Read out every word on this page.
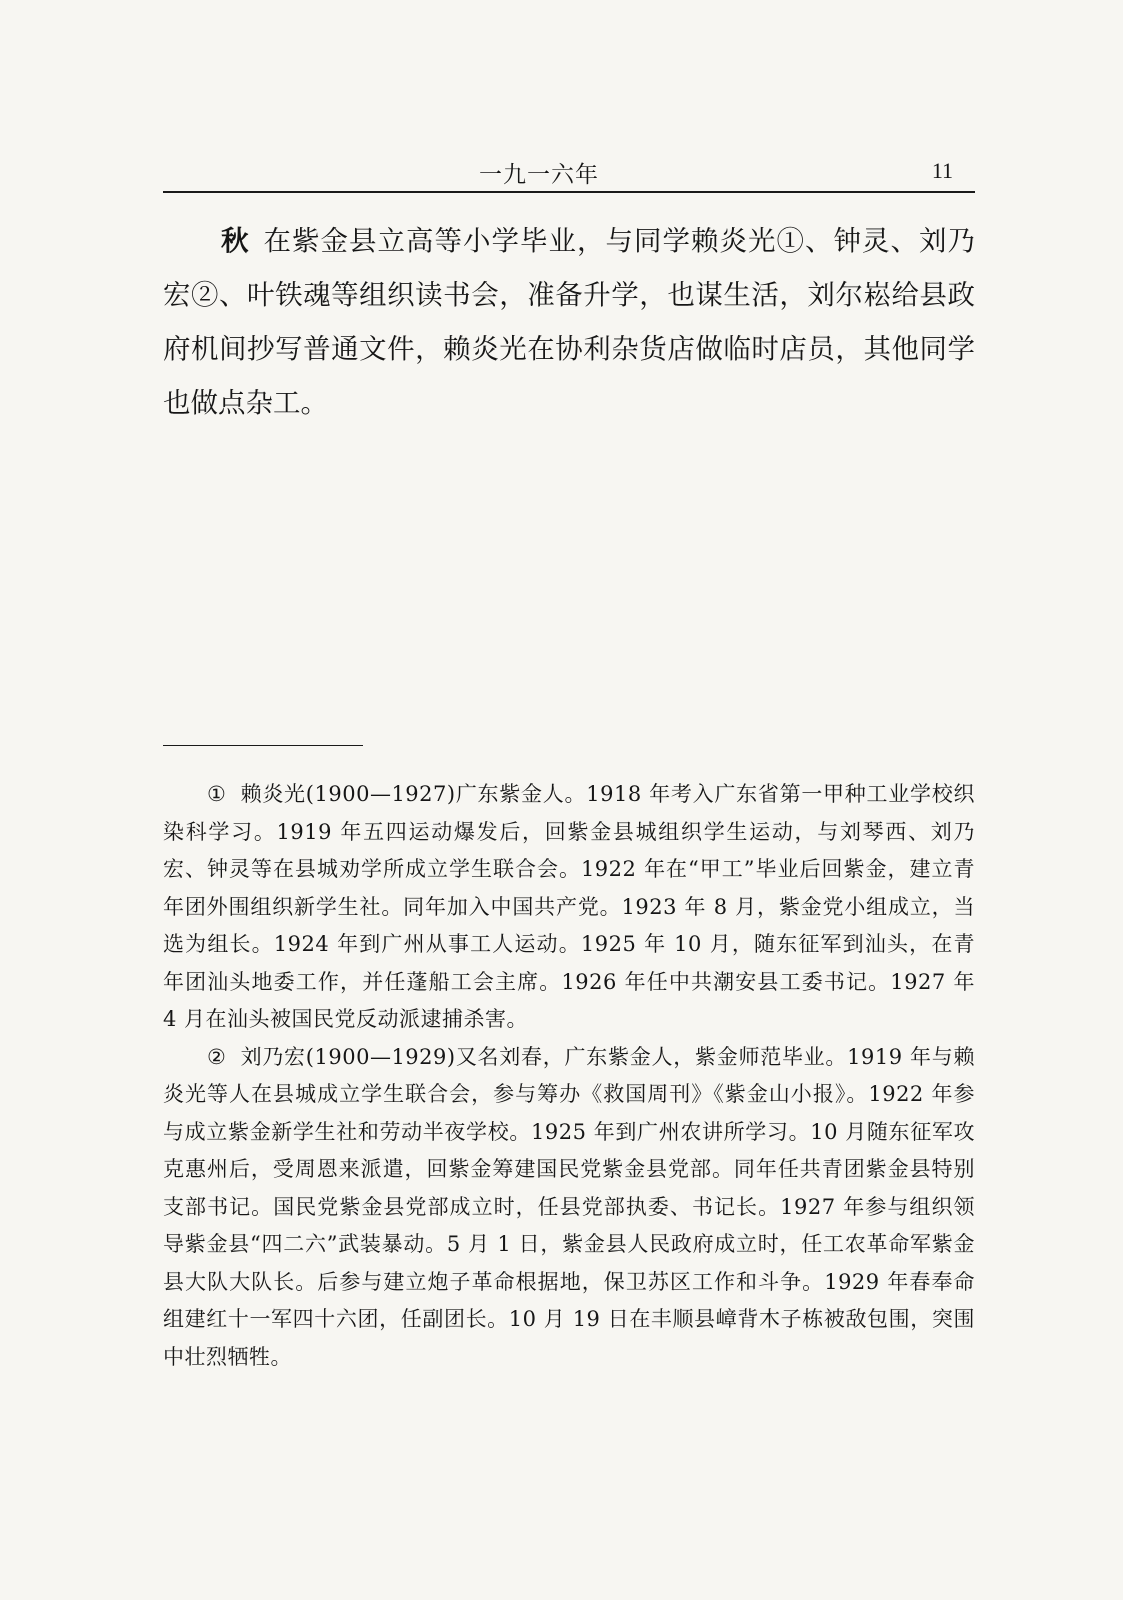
一九一六年	11

秋 在紫金县立高等小学毕业，与同学赖炎光①、钟灵、刘乃宏②、叶铁魂等组织读书会，准备升学，也谋生活，刘尔崧给县政府机间抄写普通文件，赖炎光在协利杂货店做临时店员，其他同学也做点杂工。

① 赖炎光(1900—1927)广东紫金人。1918 年考入广东省第一甲种工业学校织染科学习。1919 年五四运动爆发后，回紫金县城组织学生运动，与刘琴西、刘乃宏、钟灵等在县城劝学所成立学生联合会。1922 年在“甲工”毕业后回紫金，建立青年团外围组织新学生社。同年加入中国共产党。1923 年 8 月，紫金党小组成立，当选为组长。1924 年到广州从事工人运动。1925 年 10 月，随东征军到汕头，在青年团汕头地委工作，并任蓬船工会主席。1926 年任中共潮安县工委书记。1927 年 4 月在汕头被国民党反动派逮捕杀害。

② 刘乃宏(1900—1929)又名刘春，广东紫金人，紫金师范毕业。1919 年与赖炎光等人在县城成立学生联合会，参与筹办《救国周刊》《紫金山小报》。1922 年参与成立紫金新学生社和劳动半夜学校。1925 年到广州农讲所学习。10 月随东征军攻克惠州后，受周恩来派遣，回紫金筹建国民党紫金县党部。同年任共青团紫金县特别支部书记。国民党紫金县党部成立时，任县党部执委、书记长。1927 年参与组织领导紫金县“四二六”武装暴动。5 月 1 日，紫金县人民政府成立时，任工农革命军紫金县大队大队长。后参与建立炮子革命根据地，保卫苏区工作和斗争。1929 年春奉命组建红十一军四十六团，任副团长。10 月 19 日在丰顺县嶂背木子栋被敌包围，突围中壮烈牺牲。
